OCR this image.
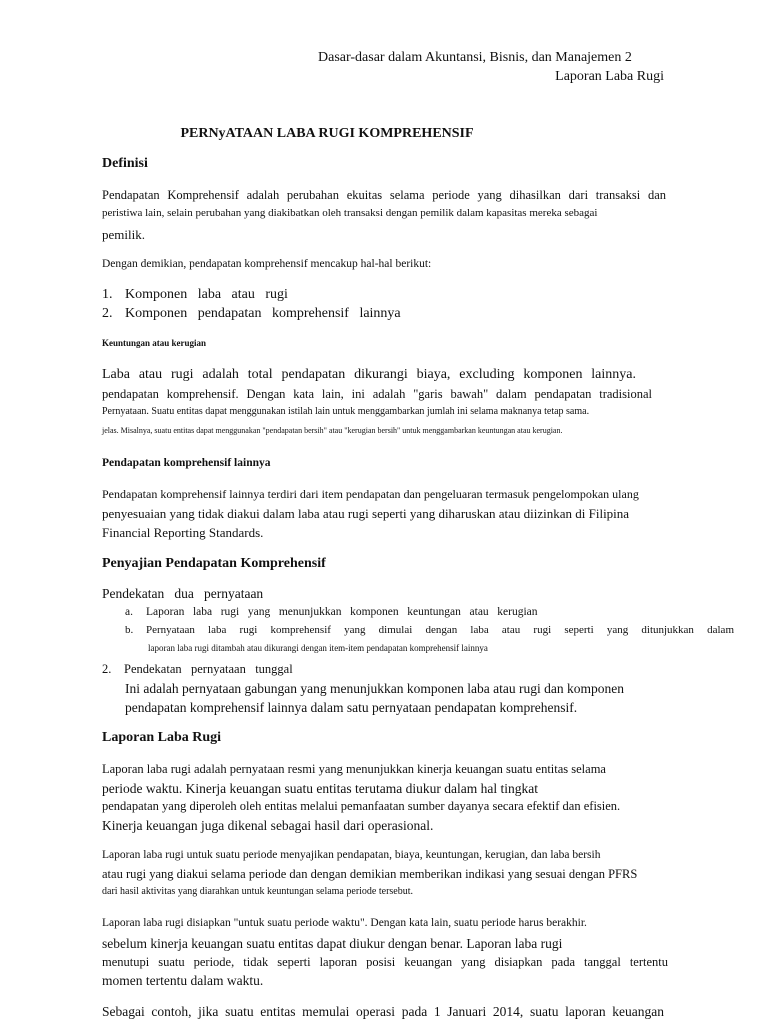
Dasar-dasar dalam Akuntansi, Bisnis, dan Manajemen 2
Laporan Laba Rugi
PERNyATAAN LABA RUGI KOMPREHENSIF
Definisi
Pendapatan Komprehensif adalah perubahan ekuitas selama periode yang dihasilkan dari transaksi dan
peristiwa lain, selain perubahan yang diakibatkan oleh transaksi dengan pemilik dalam kapasitas mereka sebagai
pemilik.
Dengan demikian, pendapatan komprehensif mencakup hal-hal berikut:
1. Komponen   laba   atau   rugi
2. Komponen   pendapatan   komprehensif   lainnya
Keuntungan atau kerugian
Laba atau rugi adalah total pendapatan dikurangi biaya, excluding komponen lainnya.
pendapatan komprehensif. Dengan kata lain, ini adalah "garis bawah" dalam pendapatan tradisional
Pernyataan. Suatu entitas dapat menggunakan istilah lain untuk menggambarkan jumlah ini selama maknanya tetap sama.
jelas. Misalnya, suatu entitas dapat menggunakan "pendapatan bersih" atau "kerugian bersih" untuk menggambarkan keuntungan atau kerugian.
Pendapatan komprehensif lainnya
Pendapatan komprehensif lainnya terdiri dari item pendapatan dan pengeluaran termasuk pengelompokan ulang
penyesuaian yang tidak diakui dalam laba atau rugi seperti yang diharuskan atau diizinkan di Filipina
Financial Reporting Standards.
Penyajian Pendapatan Komprehensif
Pendekatan   dua   pernyataan
a. Laporan   laba   rugi   yang   menunjukkan   komponen   keuntungan   atau   kerugian
b. Pernyataan laba rugi komprehensif yang dimulai dengan laba atau rugi seperti yang ditunjukkan dalam
laporan laba rugi ditambah atau dikurangi dengan item-item pendapatan komprehensif lainnya
2. Pendekatan   pernyataan   tunggal
Ini adalah pernyataan gabungan yang menunjukkan komponen laba atau rugi dan komponen
pendapatan komprehensif lainnya dalam satu pernyataan pendapatan komprehensif.
Laporan Laba Rugi
Laporan laba rugi adalah pernyataan resmi yang menunjukkan kinerja keuangan suatu entitas selama
periode waktu. Kinerja keuangan suatu entitas terutama diukur dalam hal tingkat
pendapatan yang diperoleh oleh entitas melalui pemanfaatan sumber dayanya secara efektif dan efisien.
Kinerja keuangan juga dikenal sebagai hasil dari operasional.
Laporan laba rugi untuk suatu periode menyajikan pendapatan, biaya, keuntungan, kerugian, dan laba bersih
atau rugi yang diakui selama periode dan dengan demikian memberikan indikasi yang sesuai dengan PFRS
dari hasil aktivitas yang diarahkan untuk keuntungan selama periode tersebut.
Laporan laba rugi disiapkan "untuk suatu periode waktu". Dengan kata lain, suatu periode harus berakhir.
sebelum kinerja keuangan suatu entitas dapat diukur dengan benar. Laporan laba rugi
menutupi suatu periode, tidak seperti laporan posisi keuangan yang disiapkan pada tanggal tertentu
momen tertentu dalam waktu.
Sebagai contoh, jika suatu entitas memulai operasi pada 1 Januari 2014, suatu laporan keuangan
